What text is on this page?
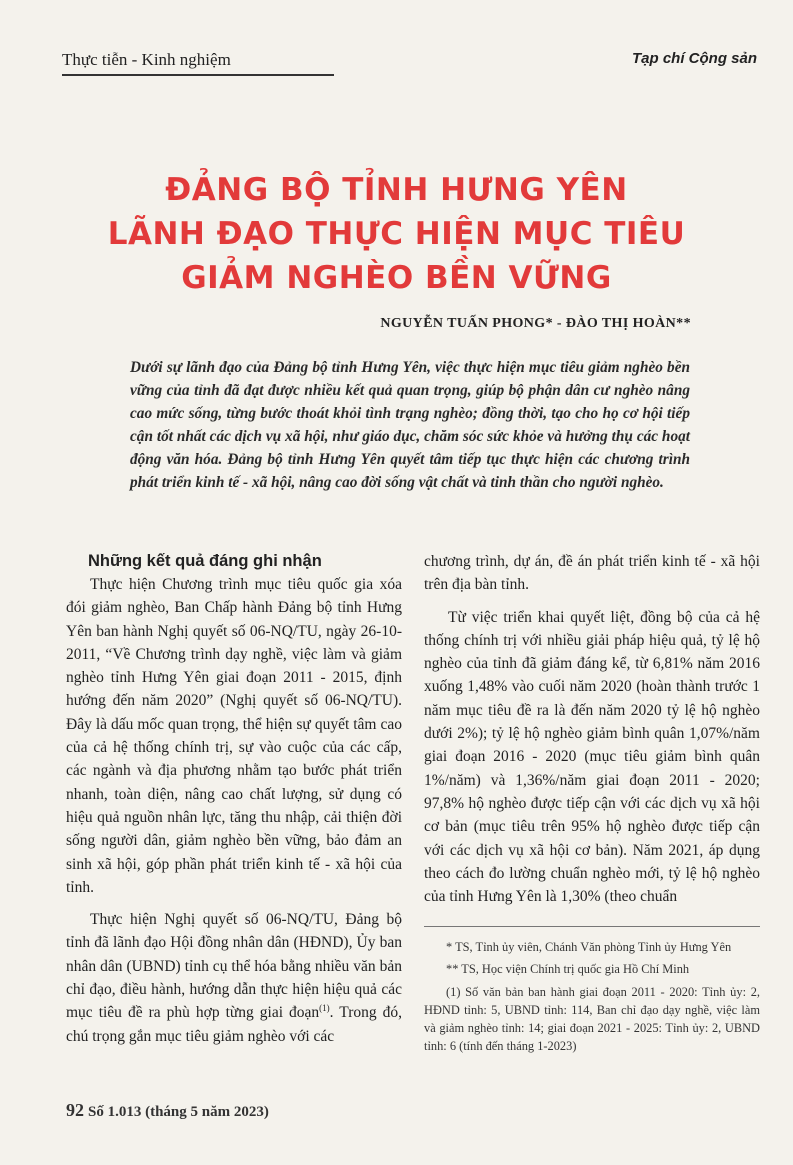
Thực tiễn - Kinh nghiệm	Tạp chí Cộng sản
ĐẢNG BỘ TỈNH HƯNG YÊN
LÃNH ĐẠO THỰC HIỆN MỤC TIÊU
GIẢM NGHÈO BỀN VỮNG
NGUYỄN TUẤN PHONG* - ĐÀO THỊ HOÀN**
Dưới sự lãnh đạo của Đảng bộ tỉnh Hưng Yên, việc thực hiện mục tiêu giảm nghèo bền vững của tỉnh đã đạt được nhiều kết quả quan trọng, giúp bộ phận dân cư nghèo nâng cao mức sống, từng bước thoát khỏi tình trạng nghèo; đồng thời, tạo cho họ cơ hội tiếp cận tốt nhất các dịch vụ xã hội, như giáo dục, chăm sóc sức khỏe và hưởng thụ các hoạt động văn hóa. Đảng bộ tỉnh Hưng Yên quyết tâm tiếp tục thực hiện các chương trình phát triển kinh tế - xã hội, nâng cao đời sống vật chất và tinh thần cho người nghèo.
Những kết quả đáng ghi nhận

Thực hiện Chương trình mục tiêu quốc gia xóa đói giảm nghèo, Ban Chấp hành Đảng bộ tỉnh Hưng Yên ban hành Nghị quyết số 06-NQ/TU, ngày 26-10-2011, “Về Chương trình dạy nghề, việc làm và giảm nghèo tỉnh Hưng Yên giai đoạn 2011 - 2015, định hướng đến năm 2020” (Nghị quyết số 06-NQ/TU). Đây là dấu mốc quan trọng, thể hiện sự quyết tâm cao của cả hệ thống chính trị, sự vào cuộc của các cấp, các ngành và địa phương nhằm tạo bước phát triển nhanh, toàn diện, nâng cao chất lượng, sử dụng có hiệu quả nguồn nhân lực, tăng thu nhập, cải thiện đời sống người dân, giảm nghèo bền vững, bảo đảm an sinh xã hội, góp phần phát triển kinh tế - xã hội của tỉnh.

Thực hiện Nghị quyết số 06-NQ/TU, Đảng bộ tỉnh đã lãnh đạo Hội đồng nhân dân (HĐND), Ủy ban nhân dân (UBND) tỉnh cụ thể hóa bằng nhiều văn bản chỉ đạo, điều hành, hướng dẫn thực hiện hiệu quả các mục tiêu đề ra phù hợp từng giai đoạn$^{(1)}$. Trong đó, chú trọng gắn mục tiêu giảm nghèo với các

chương trình, dự án, đề án phát triển kinh tế - xã hội trên địa bàn tỉnh.

Từ việc triển khai quyết liệt, đồng bộ của cả hệ thống chính trị với nhiều giải pháp hiệu quả, tỷ lệ hộ nghèo của tỉnh đã giảm đáng kể, từ 6,81% năm 2016 xuống 1,48% vào cuối năm 2020 (hoàn thành trước 1 năm mục tiêu đề ra là đến năm 2020 tỷ lệ hộ nghèo dưới 2%); tỷ lệ hộ nghèo giảm bình quân 1,07%/năm giai đoạn 2016 - 2020 (mục tiêu giảm bình quân 1%/năm) và 1,36%/năm giai đoạn 2011 - 2020; 97,8% hộ nghèo được tiếp cận với các dịch vụ xã hội cơ bản (mục tiêu trên 95% hộ nghèo được tiếp cận với các dịch vụ xã hội cơ bản). Năm 2021, áp dụng theo cách đo lường chuẩn nghèo mới, tỷ lệ hộ nghèo của tỉnh Hưng Yên là 1,30% (theo chuẩn

* TS, Tỉnh ủy viên, Chánh Văn phòng Tỉnh ủy Hưng Yên

** TS, Học viện Chính trị quốc gia Hồ Chí Minh

(1) Số văn bản ban hành giai đoạn 2011 - 2020: Tỉnh ủy: 2, HĐND tỉnh: 5, UBND tỉnh: 114, Ban chỉ đạo dạy nghề, việc làm và giảm nghèo tỉnh: 14; giai đoạn 2021 - 2025: Tỉnh ủy: 2, UBND tỉnh: 6 (tính đến tháng 1-2023)

92 Số 1.013 (tháng 5 năm 2023)
